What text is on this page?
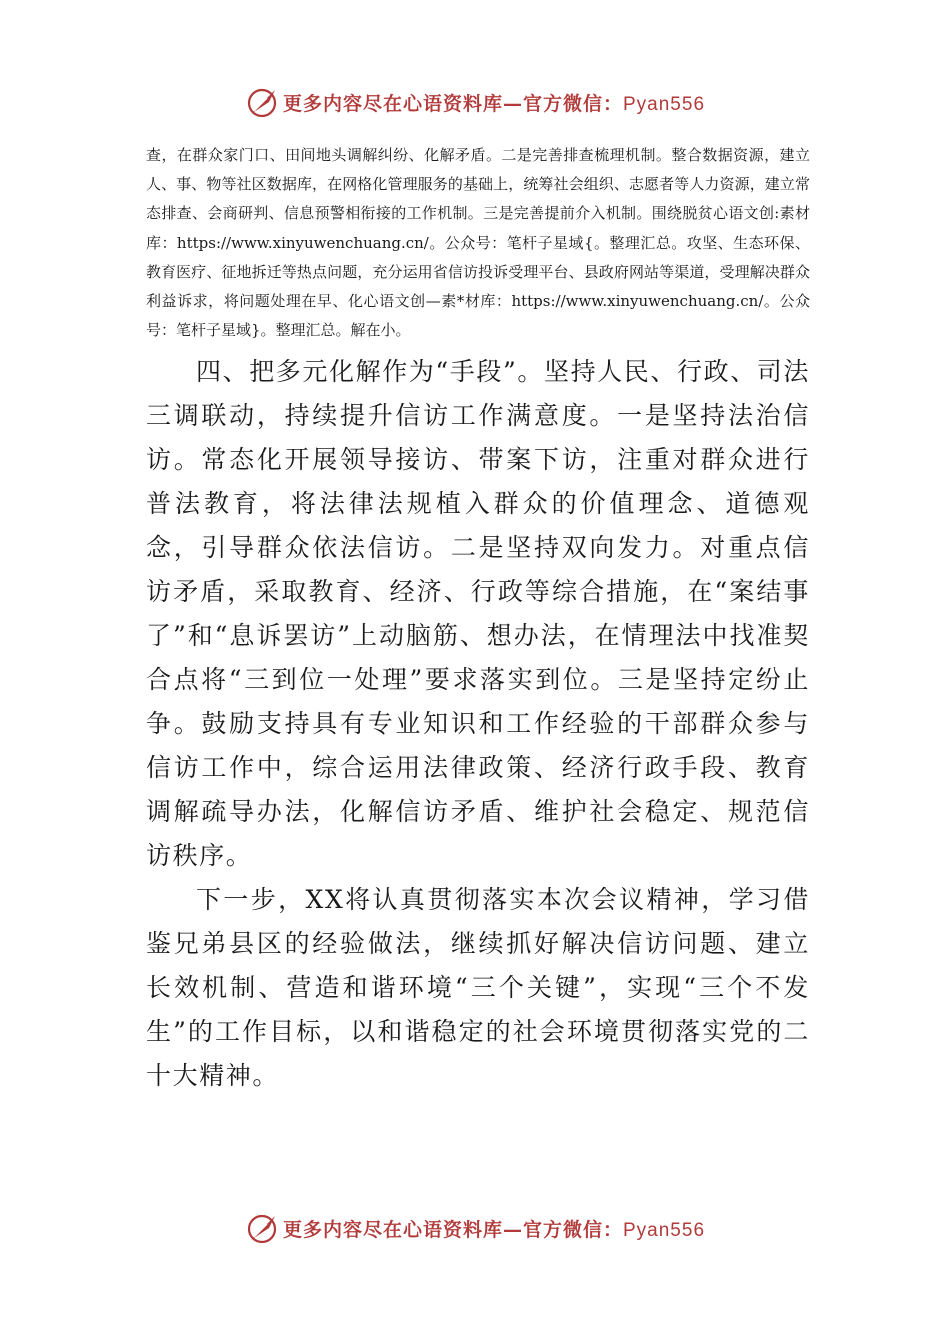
更多内容尽在心语资料库—官方微信：Pyan556

查，在群众家门口、田间地头调解纠纷、化解矛盾。二是完善排查梳理机制。整合数据资源，建立人、事、物等社区数据库，在网格化管理服务的基础上，统筹社会组织、志愿者等人力资源，建立常态排查、会商研判、信息预警相衔接的工作机制。三是完善提前介入机制。围绕脱贫心语文创:素材库：https://www.xinyuwenchuang.cn/。公众号：笔杆子星域{。整理汇总。攻坚、生态环保、教育医疗、征地拆迁等热点问题，充分运用省信访投诉受理平台、县政府网站等渠道，受理解决群众利益诉求，将问题处理在早、化心语文创—素*材库：https://www.xinyuwenchuang.cn/。公众号：笔杆子星域}。整理汇总。解在小。

四、把多元化解作为“手段”。坚持人民、行政、司法三调联动，持续提升信访工作满意度。一是坚持法治信访。常态化开展领导接访、带案下访，注重对群众进行普法教育，将法律法规植入群众的价值理念、道德观念，引导群众依法信访。二是坚持双向发力。对重点信访矛盾，采取教育、经济、行政等综合措施，在“案结事了”和“息诉罢访”上动脑筋、想办法，在情理法中找准契合点将“三到位一处理”要求落实到位。三是坚持定纷止争。鼓励支持具有专业知识和工作经验的干部群众参与信访工作中，综合运用法律政策、经济行政手段、教育调解疏导办法，化解信访矛盾、维护社会稳定、规范信访秩序。

下一步，XX将认真贯彻落实本次会议精神，学习借鉴兄弟县区的经验做法，继续抓好解决信访问题、建立长效机制、营造和谐环境“三个关键”，实现“三个不发生”的工作目标，以和谐稳定的社会环境贯彻落实党的二十大精神。

更多内容尽在心语资料库—官方微信：Pyan556
